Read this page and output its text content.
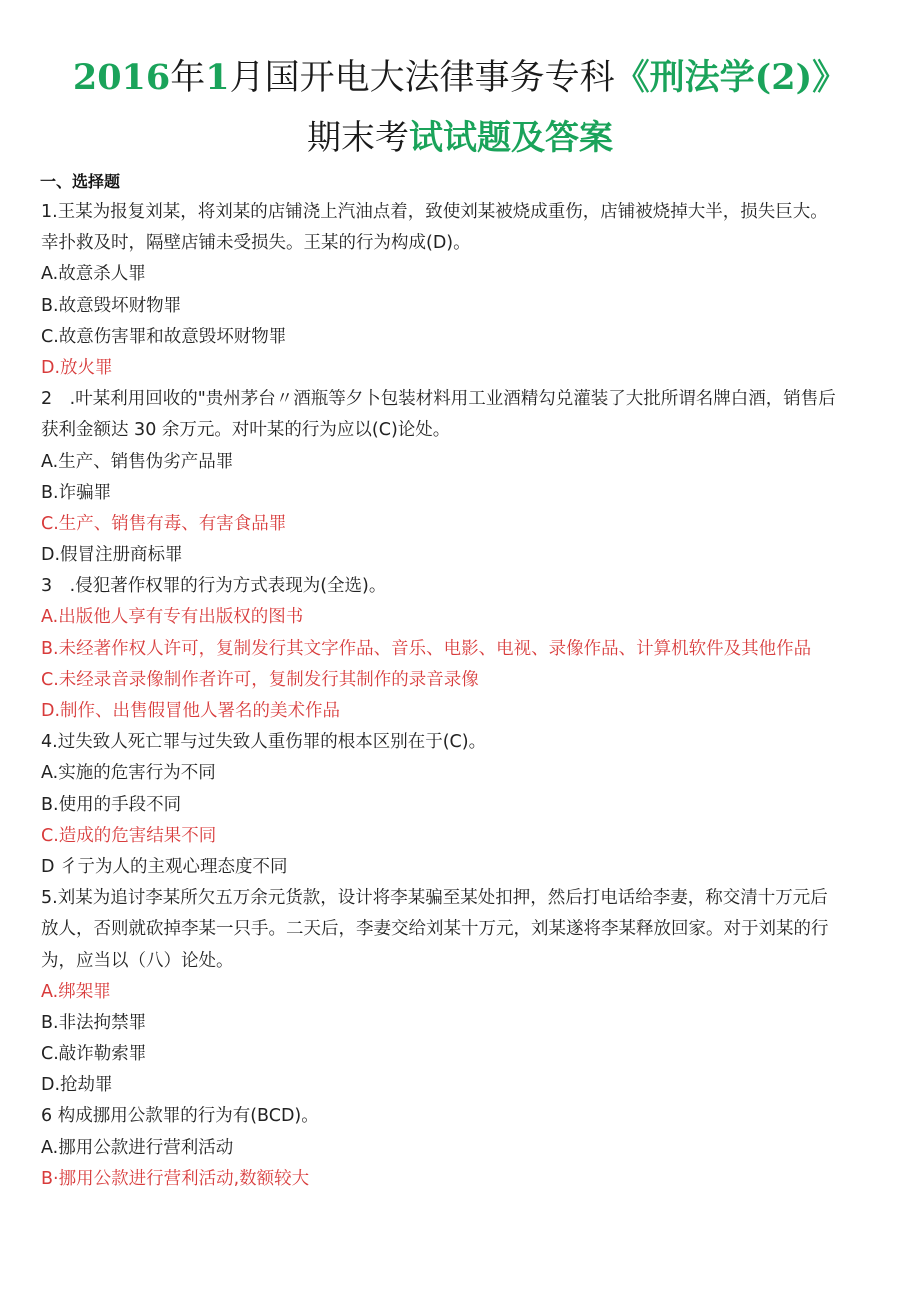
2016年1月国开电大法律事务专科《刑法学(2)》
期末考试试题及答案
一、选择题
1.王某为报复刘某，将刘某的店铺浇上汽油点着，致使刘某被烧成重伤，店铺被烧掉大半，损失巨大。
幸扑救及时，隔壁店铺未受损失。王某的行为构成(D)。
A.故意杀人罪
B.故意毁坏财物罪
C.故意伤害罪和故意毁坏财物罪
D.放火罪
2　.叶某利用回收的"贵州茅台〃酒瓶等夕卜包装材料用工业酒精勾兑灌装了大批所谓名牌白酒，销售后
获利金额达 30 余万元。对叶某的行为应以(C)论处。
A.生产、销售伪劣产品罪
B.诈骗罪
C.生产、销售有毒、有害食品罪
D.假冒注册商标罪
3　.侵犯著作权罪的行为方式表现为(全选)。
A.出版他人享有专有出版权的图书
B.未经著作权人许可，复制发行其文字作品、音乐、电影、电视、录像作品、计算机软件及其他作品
C.未经录音录像制作者许可，复制发行其制作的录音录像
D.制作、出售假冒他人署名的美术作品
4.过失致人死亡罪与过失致人重伤罪的根本区别在于(C)。
A.实施的危害行为不同
B.使用的手段不同
C.造成的危害结果不同
D 彳亍为人的主观心理态度不同
5.刘某为追讨李某所欠五万余元货款，设计将李某骗至某处扣押，然后打电话给李妻，称交清十万元后
放人，否则就砍掉李某一只手。二天后，李妻交给刘某十万元，刘某遂将李某释放回家。对于刘某的行
为，应当以（八）论处。
A.绑架罪
B.非法拘禁罪
C.敲诈勒索罪
D.抢劫罪
6 构成挪用公款罪的行为有(BCD)。
A.挪用公款进行营利活动
B·挪用公款进行营利活动,数额较大
